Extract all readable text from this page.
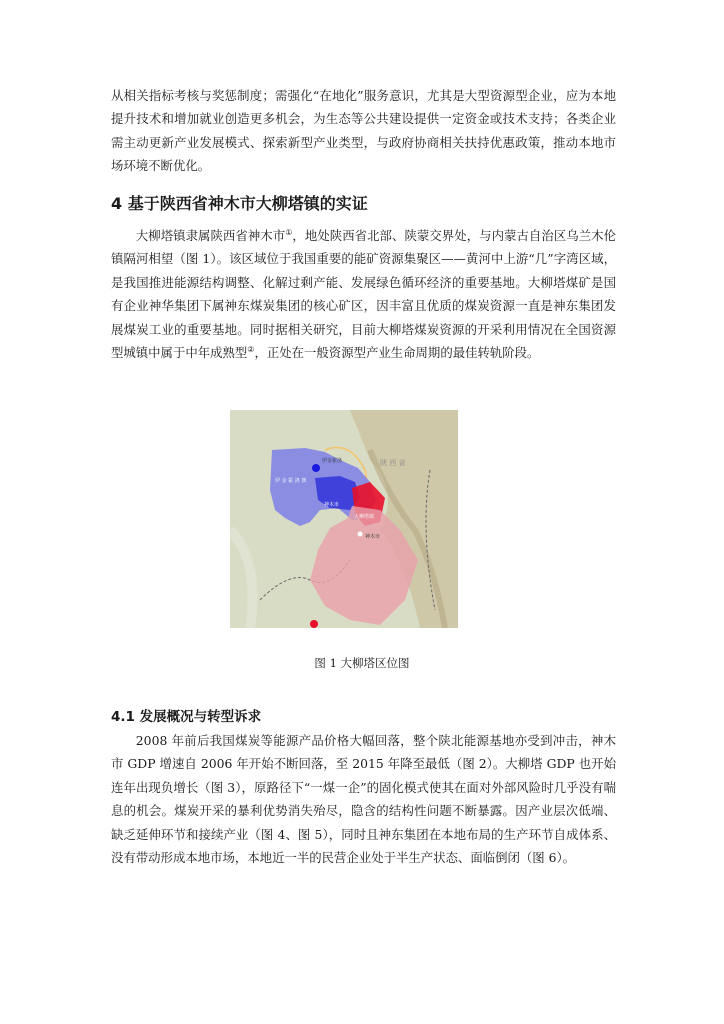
从相关指标考核与奖惩制度；需强化“在地化”服务意识，尤其是大型资源型企业，应为本地提升技术和增加就业创造更多机会，为生态等公共建设提供一定资金或技术支持；各类企业需主动更新产业发展模式、探索新型产业类型，与政府协商相关扶持优惠政策，推动本地市场环境不断优化。

4 基于陕西省神木市大柳塔镇的实证

大柳塔镇隶属陕西省神木市①，地处陕西省北部、陕蒙交界处，与内蒙古自治区乌兰木伦镇隔河相望（图 1）。该区域位于我国重要的能矿资源集聚区——黄河中上游“几”字湾区域，是我国推进能源结构调整、化解过剩产能、发展绿色循环经济的重要基地。大柳塔煤矿是国有企业神华集团下属神东煤炭集团的核心矿区，因丰富且优质的煤炭资源一直是神东集团发展煤炭工业的重要基地。同时据相关研究，目前大柳塔煤炭资源的开采利用情况在全国资源型城镇中属于中年成熟型②，正处在一般资源型产业生命周期的最佳转轨阶段。

陕 西 省
伊 金 霍 洛 旗
神木市
大柳塔镇
伊金霍洛
神木市

图 1 大柳塔区位图

4.1 发展概况与转型诉求

2008 年前后我国煤炭等能源产品价格大幅回落，整个陕北能源基地亦受到冲击，神木市 GDP 增速自 2006 年开始不断回落，至 2015 年降至最低（图 2）。大柳塔 GDP 也开始连年出现负增长（图 3），原路径下“一煤一企”的固化模式使其在面对外部风险时几乎没有喘息的机会。煤炭开采的暴利优势消失殆尽，隐含的结构性问题不断暴露。因产业层次低端、缺乏延伸环节和接续产业（图 4、图 5），同时且神东集团在本地布局的生产环节自成体系、没有带动形成本地市场，本地近一半的民营企业处于半生产状态、面临倒闭（图 6）。
